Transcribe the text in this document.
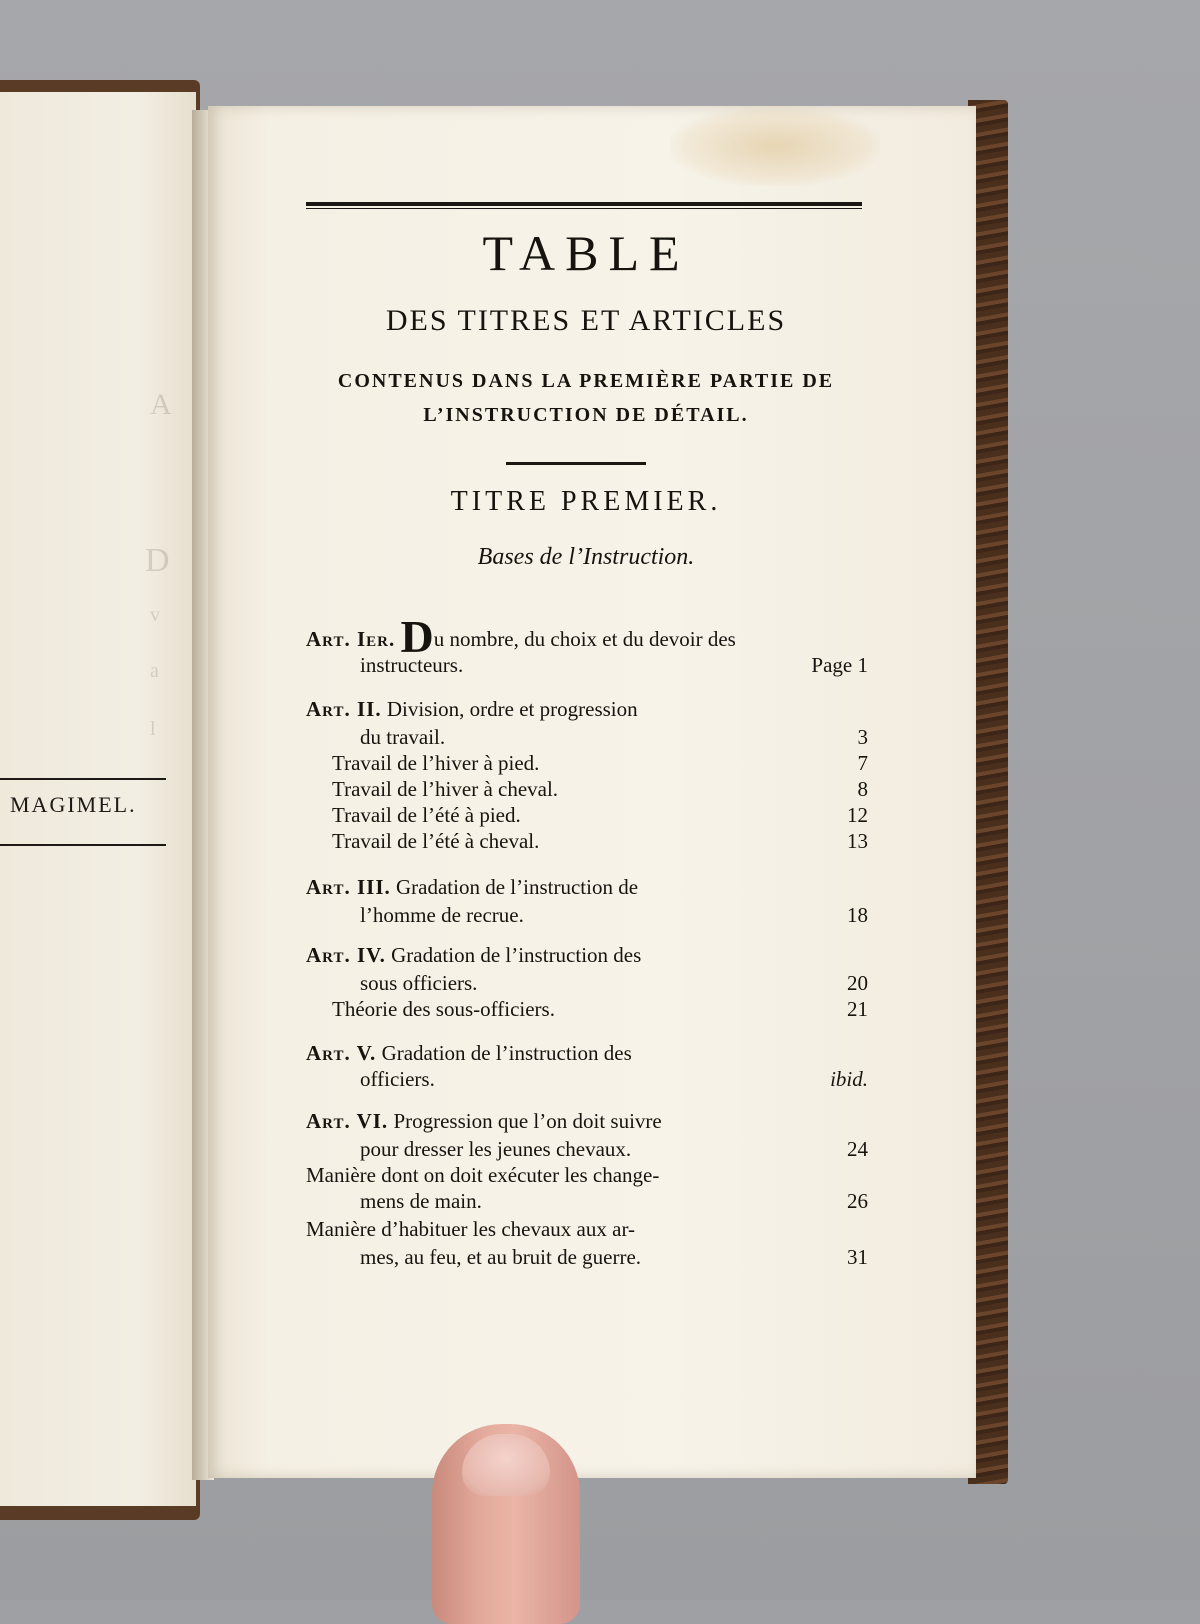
A
D
v
a
l
MAGIMEL.
TABLE
DES TITRES ET ARTICLES
CONTENUS DANS LA PREMIÈRE PARTIE DE
L’INSTRUCTION DE DÉTAIL.
TITRE PREMIER.
Bases de l’Instruction.
Art. Ier. Du nombre, du choix et du devoir des
instructeurs.	Page 1
Art. II. Division, ordre et progression
du travail.	3
Travail de l’hiver à pied.	7
Travail de l’hiver à cheval.	8
Travail de l’été à pied.	12
Travail de l’été à cheval.	13
Art. III. Gradation de l’instruction de
l’homme de recrue.	18
Art. IV. Gradation de l’instruction des
sous officiers.	20
Théorie des sous-officiers.	21
Art. V. Gradation de l’instruction des
officiers.	ibid.
Art. VI. Progression que l’on doit suivre
pour dresser les jeunes chevaux.	24
Manière dont on doit exécuter les change-
mens de main.	26
Manière d’habituer les chevaux aux ar-
mes, au feu, et au bruit de guerre.	31
